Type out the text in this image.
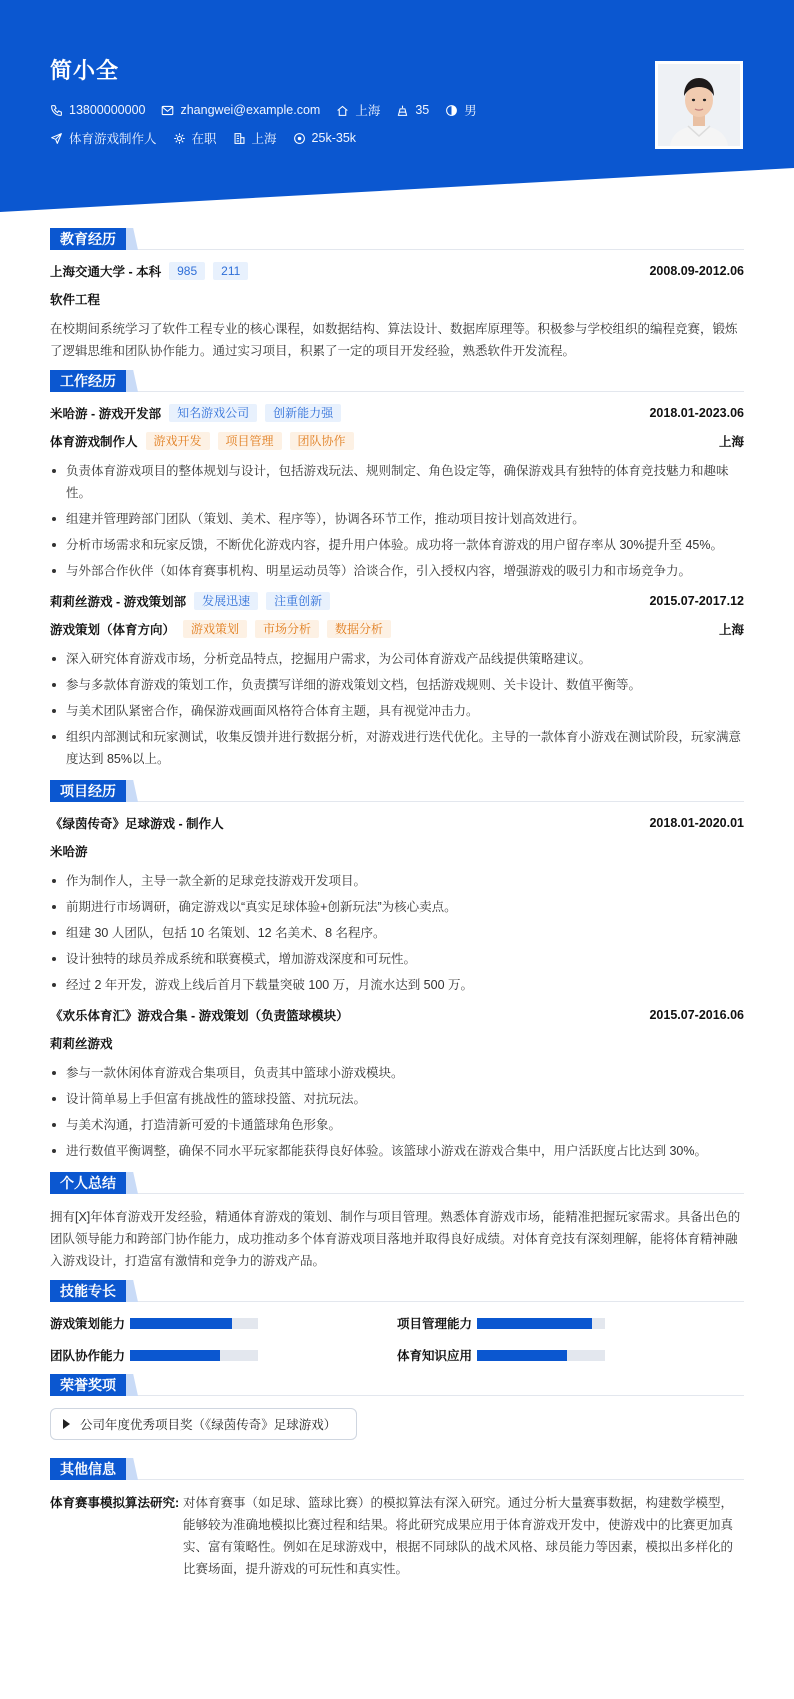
简小全
13800000000	zhangwei@example.com	上海	35	男
体育游戏制作人	在职	上海	25k-35k
教育经历
上海交通大学 - 本科	985	211	2008.09-2012.06
软件工程
在校期间系统学习了软件工程专业的核心课程，如数据结构、算法设计、数据库原理等。积极参与学校组织的编程竞赛，锻炼了逻辑思维和团队协作能力。通过实习项目，积累了一定的项目开发经验，熟悉软件开发流程。
工作经历
米哈游 - 游戏开发部	知名游戏公司	创新能力强	2018.01-2023.06
体育游戏制作人	游戏开发	项目管理	团队协作	上海
负责体育游戏项目的整体规划与设计，包括游戏玩法、规则制定、角色设定等，确保游戏具有独特的体育竞技魅力和趣味性。
组建并管理跨部门团队（策划、美术、程序等），协调各环节工作，推动项目按计划高效进行。
分析市场需求和玩家反馈，不断优化游戏内容，提升用户体验。成功将一款体育游戏的用户留存率从 30%提升至 45%。
与外部合作伙伴（如体育赛事机构、明星运动员等）洽谈合作，引入授权内容，增强游戏的吸引力和市场竞争力。
莉莉丝游戏 - 游戏策划部	发展迅速	注重创新	2015.07-2017.12
游戏策划（体育方向）	游戏策划	市场分析	数据分析	上海
深入研究体育游戏市场，分析竞品特点，挖掘用户需求，为公司体育游戏产品线提供策略建议。
参与多款体育游戏的策划工作，负责撰写详细的游戏策划文档，包括游戏规则、关卡设计、数值平衡等。
与美术团队紧密合作，确保游戏画面风格符合体育主题，具有视觉冲击力。
组织内部测试和玩家测试，收集反馈并进行数据分析，对游戏进行迭代优化。主导的一款体育小游戏在测试阶段，玩家满意度达到 85%以上。
项目经历
《绿茵传奇》足球游戏 - 制作人	2018.01-2020.01
米哈游
作为制作人，主导一款全新的足球竞技游戏开发项目。
前期进行市场调研，确定游戏以“真实足球体验+创新玩法”为核心卖点。
组建 30 人团队，包括 10 名策划、12 名美术、8 名程序。
设计独特的球员养成系统和联赛模式，增加游戏深度和可玩性。
经过 2 年开发，游戏上线后首月下载量突破 100 万，月流水达到 500 万。
《欢乐体育汇》游戏合集 - 游戏策划（负责篮球模块）	2015.07-2016.06
莉莉丝游戏
参与一款休闲体育游戏合集项目，负责其中篮球小游戏模块。
设计简单易上手但富有挑战性的篮球投篮、对抗玩法。
与美术沟通，打造清新可爱的卡通篮球角色形象。
进行数值平衡调整，确保不同水平玩家都能获得良好体验。该篮球小游戏在游戏合集中，用户活跃度占比达到 30%。
个人总结
拥有[X]年体育游戏开发经验，精通体育游戏的策划、制作与项目管理。熟悉体育游戏市场，能精准把握玩家需求。具备出色的团队领导能力和跨部门协作能力，成功推动多个体育游戏项目落地并取得良好成绩。对体育竞技有深刻理解，能将体育精神融入游戏设计，打造富有激情和竞争力的游戏产品。
技能专长
游戏策划能力	项目管理能力
团队协作能力	体育知识应用
荣誉奖项
公司年度优秀项目奖（《绿茵传奇》足球游戏）
其他信息
体育赛事模拟算法研究: 对体育赛事（如足球、篮球比赛）的模拟算法有深入研究。通过分析大量赛事数据，构建数学模型，能够较为准确地模拟比赛过程和结果。将此研究成果应用于体育游戏开发中，使游戏中的比赛更加真实、富有策略性。例如在足球游戏中，根据不同球队的战术风格、球员能力等因素，模拟出多样化的比赛场面，提升游戏的可玩性和真实性。
